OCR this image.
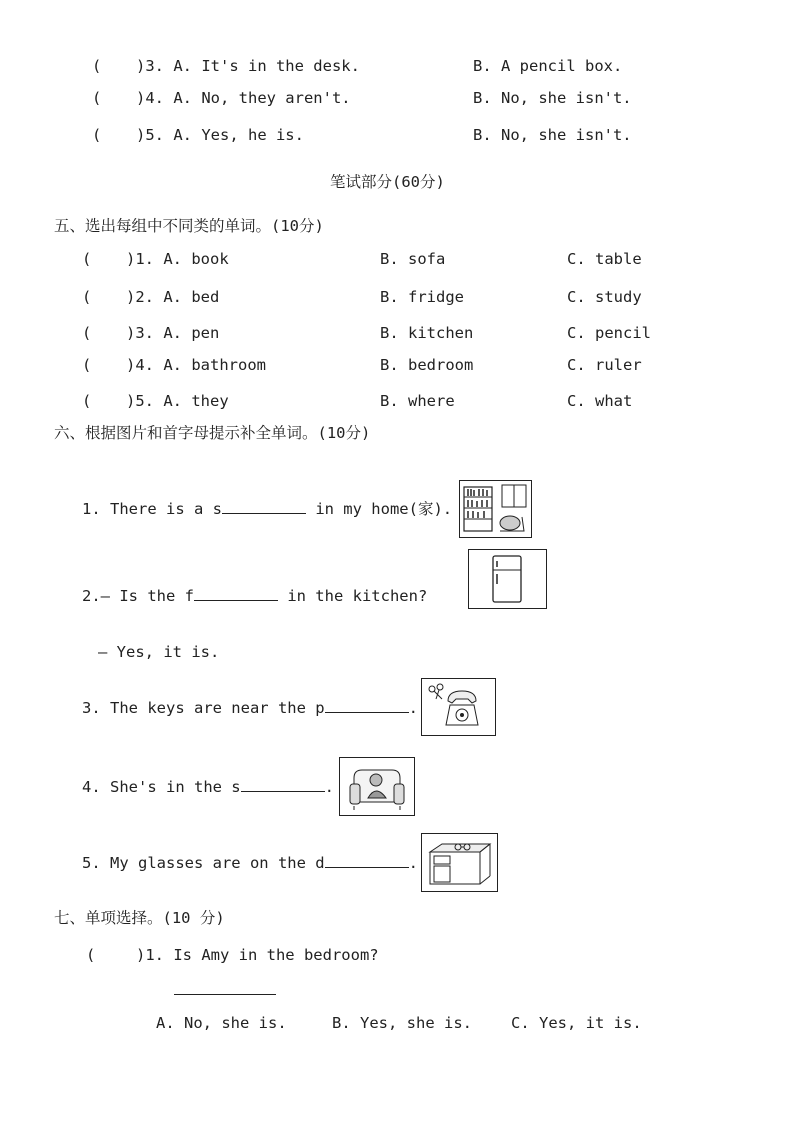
( )3. A. It's in the desk.	B. A pencil box.
( )4. A. No, they aren't.	B. No, she isn't.
( )5. A. Yes, he is.	B. No, she isn't.
笔试部分(60分)
五、选出每组中不同类的单词。(10分)
( )1. A. book	B. sofa	C. table
( )2. A. bed	B. fridge	C. study
( )3. A. pen	B. kitchen	C. pencil
( )4. A. bathroom	B. bedroom	C. ruler
( )5. A. they	B. where	C. what
六、根据图片和首字母提示补全单词。(10分)
1. There is a s	in my home(家).
2.— Is the f	in the kitchen?
— Yes, it is.
3. The keys are near the p	.
4. She's in the s	.
5. My glasses are on the d	.
七、单项选择。(10 分)
(	)1. Is Amy in the bedroom?
A. No, she is.	B. Yes, she is.	C. Yes, it is.
